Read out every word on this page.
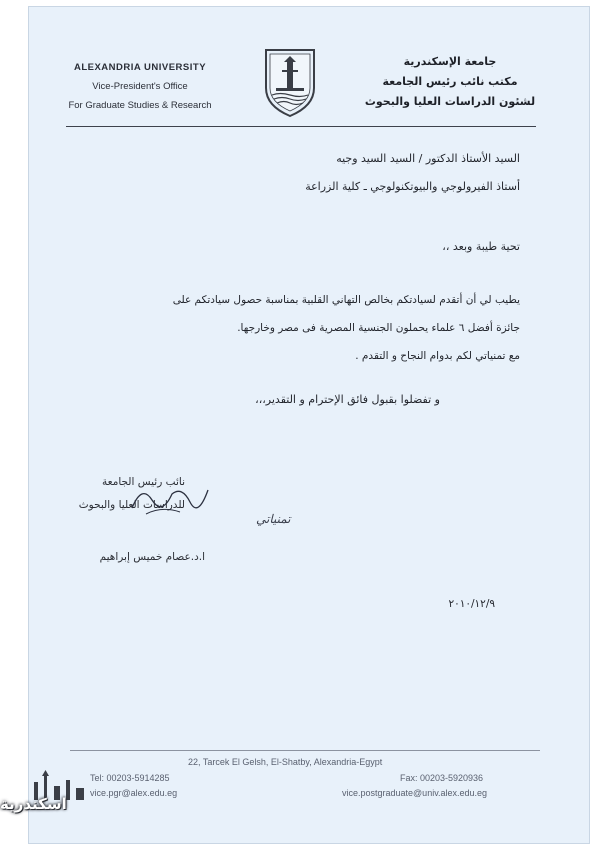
ALEXANDRIA UNIVERSITY
Vice-President's Office
For Graduate Studies & Research
جامعة الإسكندرية
مكتب نائب رئيس الجامعة
لشئون الدراسات العليا والبحوث
السيد الأستاذ الدكتور / السيد السيد وجيه
أستاذ الفيرولوجي والبيوتكنولوجي ـ كلية الزراعة
تحية طيبة وبعد ،،
يطيب لي أن أتقدم لسيادتكم بخالص التهاني القلبية بمناسبة حصول سيادتكم على
جائزة أفضل ٦ علماء يحملون الجنسية المصرية فى مصر وخارجها.
مع تمنياتي لكم بدوام النجاح و التقدم .
و تفضلوا بقبول فائق الإحترام و التقدير،،،
نائب رئيس الجامعة
للدراسات العليا والبحوث
تمنياتي
ا.د.عصام خميس إبراهيم
٢٠١٠/١٢/٩
22, Tarcek El Gelsh, El-Shatby, Alexandria-Egypt
Tel: 00203-5914285	Fax: 00203-5920936
vice.pgr@alex.edu.eg	vice.postgraduate@univ.alex.edu.eg
اسكندرية
